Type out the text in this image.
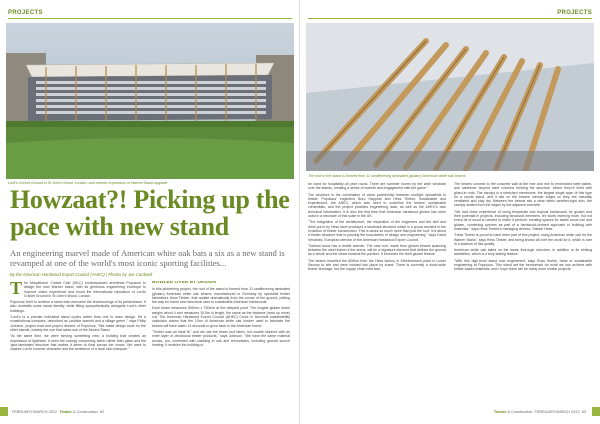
PROJECTS
Lord's Cricket Ground in St John's Wood, London, and exterior impression of Warren Stand upgrade
Howzaat?! Picking up the pace with new stand

An engineering marvel made of American white oak bats a six as a new stand is revamped at one of the world's most iconic sporting facilities...

By the American Hardwood Export Council (AHEC) | Photos by Joe Cardwell
T he Marylebone Cricket Club (MCC) commissioned architects Populous to design the new Warner stand, with its generous engineering envelope to improve visitor experience and boost the international reputation of Lord's Cricket Ground in St John's Wood, London.

Populous' brief to achieve a stand that overcame the shortcomings of its predecessor. It also dovetails some visual identity, while fitting sympathetically alongside Lord's other buildings.

"Lord's is a premier individual stand cycles rather than one to draw design. It's a constitutional compass, described as 'positive warmth and a village green'," says Philip Johnson, project lead and project director of Populous. "We made design tools for the other stands, notably the one that takes use of the Mound Stand.

"At the same time, we were striving something new; a building that creates an impression of lightness. It seen the canopy comprising fabric rather than glass and the 'glue-laminated structure that makes it seem to float across the crowd. We want to capture Lord's summer character and the ambience of a local club marquee."

BOWLED OVER BY DESIGN

In this pioneering project, the roof of the stand is formed from 11 cantilevering laminated (glulam) American white oak beams, manufactured in Germany by specialist timber fabricators Hess Timber, that radiate dramatically from the corner of the ground, putting the way for future new structural uses to sustainable American hardwoods.

Each beam measures 300mm x 750mm at the deepest point. The longest glulam beam weighs about 4 and measures 15.5m in length, the same as the distance (read up more) cut. The American Hardwood Export Council (AHEC) Cross In Seconds sustainability calculator claims that the 10m³ of American white oak lumber used to fabricate the beams will have taken 14 seconds to grow back in the American forest.

"Timber was an ideal fit," and we use the beam roof fabric, but double skinned with an inner layer of deciduous timber products," says Johnson. "We have the same material across, too, combined with cladding in oak and removables, including ground source heating. It enables the building to

FEBRUARY/MARCH 2022 Timber & Construction 62
PROJECTS
The roof of the stand is formed from 11 cantilevering laminated (glulam) American white oak beams

be used for hospitality all year round. There are summer rooms by the wide windows over the stands, creating a sense of warmth and engagement with the game."

The structure is the culmination of close partnership between multiple specialists in timber. Populous' engineers Buro Happold and Hess Timber. Sustainable and experienced, the AHEC, which was hired to underline the beams' sustainable credentials, and the project provides engineering data, as well as the AHEC's own technical information. It is also the first time that American hardwood glulam has been used in a structure of this scale in the UK.

"The integration of the architecture, the inspiration of the engineers and the skill and drive put in by Hess have produced a landmark structure which is a proud moment in the evolution of timber construction. This is about so much more than just the roof; it is about a timber structure that is pushing the boundaries of design and engineering," says David Venables, European director of the American Hardwood Export Council.

"Natural wood has a visible warmth. The new roof, made from glulam beams spanning between the steel frame of the arena, will be a signature element that defines the ground as a whole and the views towards the pavilion. It becomes the third glulam feature.

The beams travelled the 600km from the Hess factory in Kleinheubach plant in Lower Saxony to site and were hoisted into place by crane. There is currently a world-wide timber shortage, but the supply chain held fast.

The beams connect to the concrete wall at the rear and rise to embedded steel plates, and cantilever beyond steel columns forming the structure, where they're fixed with glued-in rods. The canopy is a stretched membrane, the largest single span of this type for a sports stand, and it sits on the beams' slender edges so they are naturally ventilated and stay dry. Between the beams sits a clear fabric weather-tight skin, the canopy sealed from the edges by the adjacent concrete.

"We had close experience of using temperate and tropical hardwoods for glulam and their potential in projects, including structural members. It's worth learning more, but not every bit of wood is needed to make it perform, creating spaces for tactile wood use and glulam, combining species as part of a hardwood-centred approach to building with materials," says Hess Timber's managing director, Sabine Hess.

"Hess Timber is proud to have been part of this project, using American white oak for the Warner Stand," says Hess Timber, and being known all over the world for it, which is rare in a stadium of this quality.

American white oak takes on the same thorough structure, in addition to its striking aesthetics, which is a truly lasting feature.

"With this high-level stand now engineered, says Ross Hurley, head of sustainable engineering at Populous. This stand set the benchmark for what we can achieve with timber-based materials, and I hope there will be many more similar projects.

Timber & Construction FEBRUARY/MARCH 2022 63
